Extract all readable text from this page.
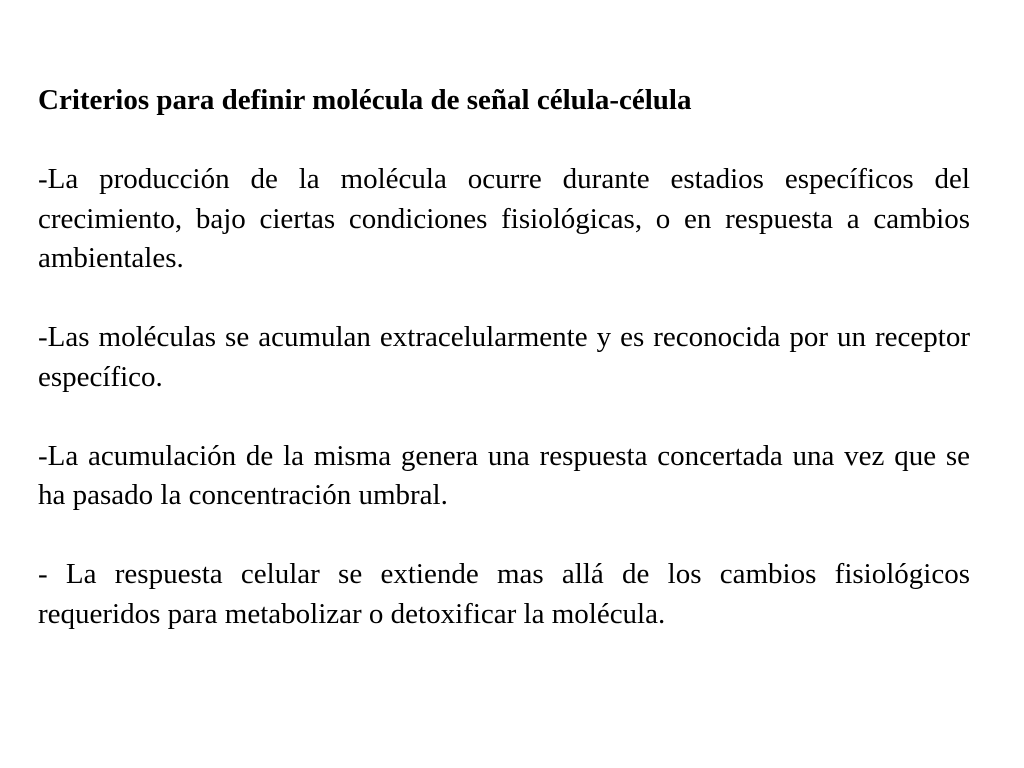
Criterios para definir molécula de señal célula-célula
-La producción de la molécula ocurre durante estadios específicos del crecimiento, bajo ciertas condiciones fisiológicas, o en respuesta a cambios ambientales.
-Las moléculas se acumulan extracelularmente y es reconocida por un receptor específico.
-La acumulación de la misma genera una respuesta concertada una vez que se ha pasado la concentración umbral.
- La respuesta celular se extiende mas allá de los cambios fisiológicos requeridos para metabolizar o detoxificar la molécula.
